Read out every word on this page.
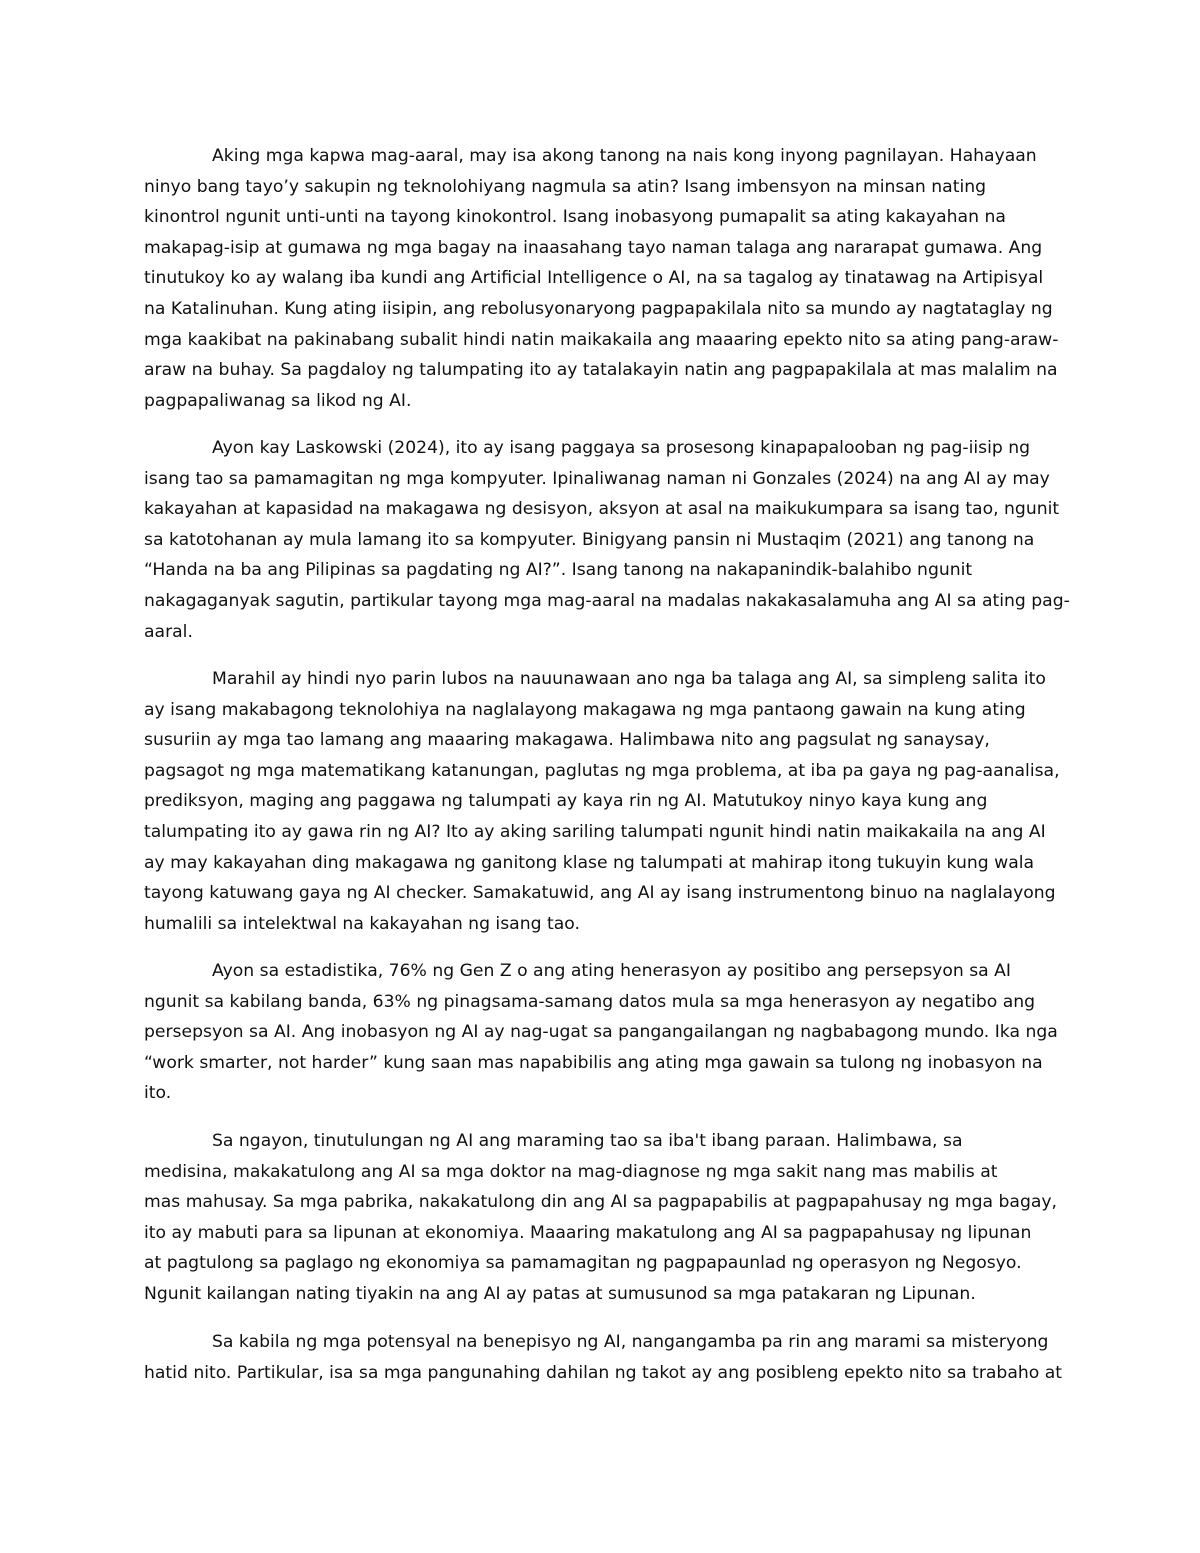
Aking mga kapwa mag-aaral, may isa akong tanong na nais kong inyong pagnilayan. Hahayaan
ninyo bang tayo’y sakupin ng teknolohiyang nagmula sa atin? Isang imbensyon na minsan nating
kinontrol ngunit unti-unti na tayong kinokontrol. Isang inobasyong pumapalit sa ating kakayahan na
makapag-isip at gumawa ng mga bagay na inaasahang tayo naman talaga ang nararapat gumawa. Ang
tinutukoy ko ay walang iba kundi ang Artificial Intelligence o AI, na sa tagalog ay tinatawag na Artipisyal
na Katalinuhan. Kung ating iisipin, ang rebolusyonaryong pagpapakilala nito sa mundo ay nagtataglay ng
mga kaakibat na pakinabang subalit hindi natin maikakaila ang maaaring epekto nito sa ating pang-araw-
araw na buhay. Sa pagdaloy ng talumpating ito ay tatalakayin natin ang pagpapakilala at mas malalim na
pagpapaliwanag sa likod ng AI.

Ayon kay Laskowski (2024), ito ay isang paggaya sa prosesong kinapapalooban ng pag-iisip ng
isang tao sa pamamagitan ng mga kompyuter. Ipinaliwanag naman ni Gonzales (2024) na ang AI ay may
kakayahan at kapasidad na makagawa ng desisyon, aksyon at asal na maikukumpara sa isang tao, ngunit
sa katotohanan ay mula lamang ito sa kompyuter. Binigyang pansin ni Mustaqim (2021) ang tanong na
“Handa na ba ang Pilipinas sa pagdating ng AI?”. Isang tanong na nakapanindik-balahibo ngunit
nakagaganyak sagutin, partikular tayong mga mag-aaral na madalas nakakasalamuha ang AI sa ating pag-
aaral.

Marahil ay hindi nyo parin lubos na nauunawaan ano nga ba talaga ang AI, sa simpleng salita ito
ay isang makabagong teknolohiya na naglalayong makagawa ng mga pantaong gawain na kung ating
susuriin ay mga tao lamang ang maaaring makagawa. Halimbawa nito ang pagsulat ng sanaysay,
pagsagot ng mga matematikang katanungan, paglutas ng mga problema, at iba pa gaya ng pag-aanalisa,
prediksyon, maging ang paggawa ng talumpati ay kaya rin ng AI. Matutukoy ninyo kaya kung ang
talumpating ito ay gawa rin ng AI? Ito ay aking sariling talumpati ngunit hindi natin maikakaila na ang AI
ay may kakayahan ding makagawa ng ganitong klase ng talumpati at mahirap itong tukuyin kung wala
tayong katuwang gaya ng AI checker. Samakatuwid, ang AI ay isang instrumentong binuo na naglalayong
humalili sa intelektwal na kakayahan ng isang tao.

Ayon sa estadistika, 76% ng Gen Z o ang ating henerasyon ay positibo ang persepsyon sa AI
ngunit sa kabilang banda, 63% ng pinagsama-samang datos mula sa mga henerasyon ay negatibo ang
persepsyon sa AI. Ang inobasyon ng AI ay nag-ugat sa pangangailangan ng nagbabagong mundo. Ika nga
“work smarter, not harder” kung saan mas napabibilis ang ating mga gawain sa tulong ng inobasyon na
ito.

Sa ngayon, tinutulungan ng AI ang maraming tao sa iba't ibang paraan. Halimbawa, sa
medisina, makakatulong ang AI sa mga doktor na mag-diagnose ng mga sakit nang mas mabilis at
mas mahusay. Sa mga pabrika, nakakatulong din ang AI sa pagpapabilis at pagpapahusay ng mga bagay,
ito ay mabuti para sa lipunan at ekonomiya. Maaaring makatulong ang AI sa pagpapahusay ng lipunan
at pagtulong sa paglago ng ekonomiya sa pamamagitan ng pagpapaunlad ng operasyon ng Negosyo.
Ngunit kailangan nating tiyakin na ang AI ay patas at sumusunod sa mga patakaran ng Lipunan.

Sa kabila ng mga potensyal na benepisyo ng AI, nangangamba pa rin ang marami sa misteryong
hatid nito. Partikular, isa sa mga pangunahing dahilan ng takot ay ang posibleng epekto nito sa trabaho at
